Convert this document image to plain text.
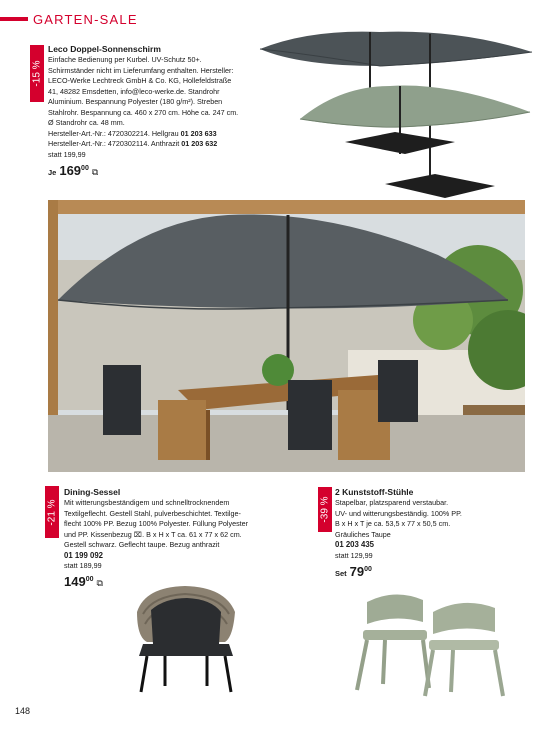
GARTEN-SALE
-15 %
Leco Doppel-Sonnenschirm

Einfache Bedienung per Kurbel. UV-Schutz 50+.

Schirmständer nicht im Lieferumfang enthalten. Hersteller:

LECO-Werke Lechtreck GmbH & Co. KG, Hollefeldstraße

41, 48282 Emsdetten, info@leco-werke.de. Standrohr

Aluminium. Bespannung Polyester (180 g/m²). Streben

Stahlrohr. Bespannung ca. 460 x 270 cm. Höhe ca. 247 cm.

Ø Standrohr ca. 48 mm.

Hersteller-Art.-Nr.: 4720302214. Hellgrau 01 203 633

Hersteller-Art.-Nr.: 4720302114. Anthrazit 01 203 632

statt 199,99
Je $169^{00}$ ⧉
-21 %
Dining-Sessel

Mit witterungsbeständigem und schnelltrocknendem

Textilgeflecht. Gestell Stahl, pulverbeschichtet. Textilge-

flecht 100% PP. Bezug 100% Polyester. Füllung Polyester

und PP. Kissenbezug ⌧. B x H x T ca. 61 x 77 x 62 cm.

Gestell schwarz. Geflecht taupe. Bezug anthrazit

01 199 092
statt 189,99
$149^{00}$ ⧉
-39 %
2 Kunststoff-Stühle

Stapelbar, platzsparend verstaubar.

UV- und witterungsbeständig. 100% PP.

B x H x T je ca. 53,5 x 77 x 50,5 cm.

Gräuliches Taupe

01 203 435
statt 129,99
Set $79^{00}$
148
